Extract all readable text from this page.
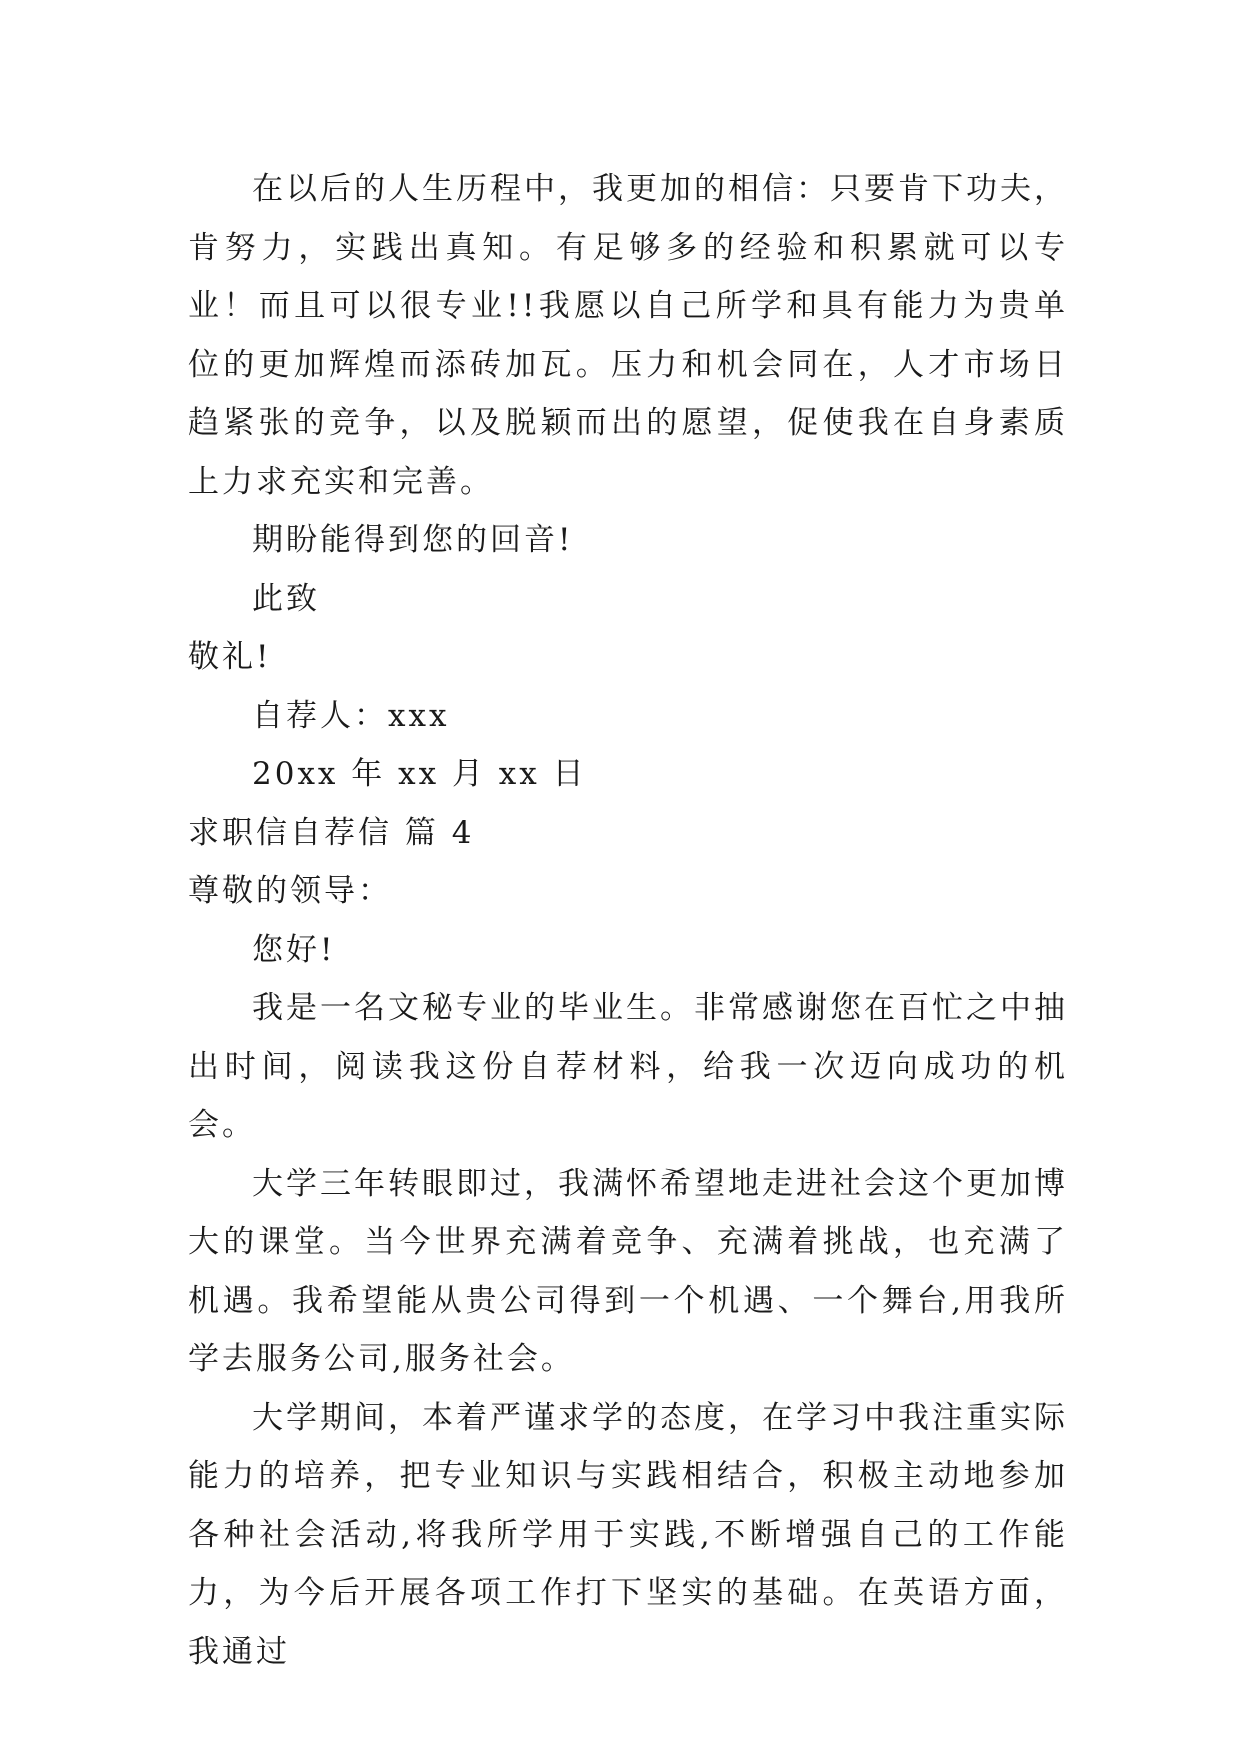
在以后的人生历程中，我更加的相信：只要肯下功夫，肯努力，实践出真知。有足够多的经验和积累就可以专业！而且可以很专业!!我愿以自己所学和具有能力为贵单位的更加辉煌而添砖加瓦。压力和机会同在，人才市场日趋紧张的竞争，以及脱颖而出的愿望，促使我在自身素质上力求充实和完善。

期盼能得到您的回音!

此致

敬礼!

自荐人：xxx

20xx 年 xx 月 xx 日

求职信自荐信 篇 4

尊敬的领导：

您好!

我是一名文秘专业的毕业生。非常感谢您在百忙之中抽出时间，阅读我这份自荐材料，给我一次迈向成功的机会。

大学三年转眼即过，我满怀希望地走进社会这个更加博大的课堂。当今世界充满着竞争、充满着挑战，也充满了机遇。我希望能从贵公司得到一个机遇、一个舞台,用我所学去服务公司,服务社会。

大学期间，本着严谨求学的态度，在学习中我注重实际能力的培养，把专业知识与实践相结合，积极主动地参加各种社会活动,将我所学用于实践,不断增强自己的工作能力，为今后开展各项工作打下坚实的基础。在英语方面，我通过
